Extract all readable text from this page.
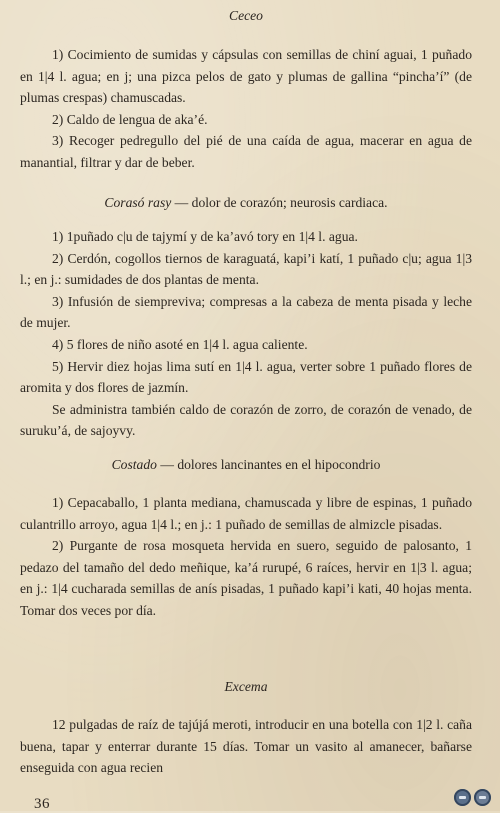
Ceceo

1) Cocimiento de sumidas y cápsulas con semillas de chiní aguai, 1 puñado en 1|4 l. agua; en j; una pizca pelos de gato y plumas de gallina “pincha’í” (de plumas crespas) chamuscadas.

2) Caldo de lengua de aka’é.

3) Recoger pedregullo del pié de una caída de agua, macerar en agua de manantial, filtrar y dar de beber.

Corasó rasy — dolor de corazón; neurosis cardiaca.

1) 1puñado c|u de tajymí y de ka’avó tory en 1|4 l. agua.

2) Cerdón, cogollos tiernos de karaguatá, kapi’i katí, 1 puñado c|u; agua 1|3 l.; en j.: sumidades de dos plantas de menta.

3) Infusión de siempreviva; compresas a la cabeza de menta pisada y leche de mujer.

4) 5 flores de niño asoté en 1|4 l. agua caliente.

5) Hervir diez hojas lima sutí en 1|4 l. agua, verter sobre 1 puñado flores de aromita y dos flores de jazmín.

Se administra también caldo de corazón de zorro, de corazón de venado, de suruku’á, de sajoyvy.

Costado — dolores lancinantes en el hipocondrio

1) Cepacaballo, 1 planta mediana, chamuscada y libre de espinas, 1 puñado culantrillo arroyo, agua 1|4 l.; en j.: 1 puñado de semillas de almizcle pisadas.

2) Purgante de rosa mosqueta hervida en suero, seguido de palosanto, 1 pedazo del tamaño del dedo meñique, ka’á rurupé, 6 raíces, hervir en 1|3 l. agua; en j.: 1|4 cucharada semillas de anís pisadas, 1 puñado kapi’i kati, 40 hojas menta. Tomar dos veces por día.

Excema

12 pulgadas de raíz de tajújá meroti, introducir en una botella con 1|2 l. caña buena, tapar y enterrar durante 15 días. Tomar un vasito al amanecer, bañarse enseguida con agua recien

36
